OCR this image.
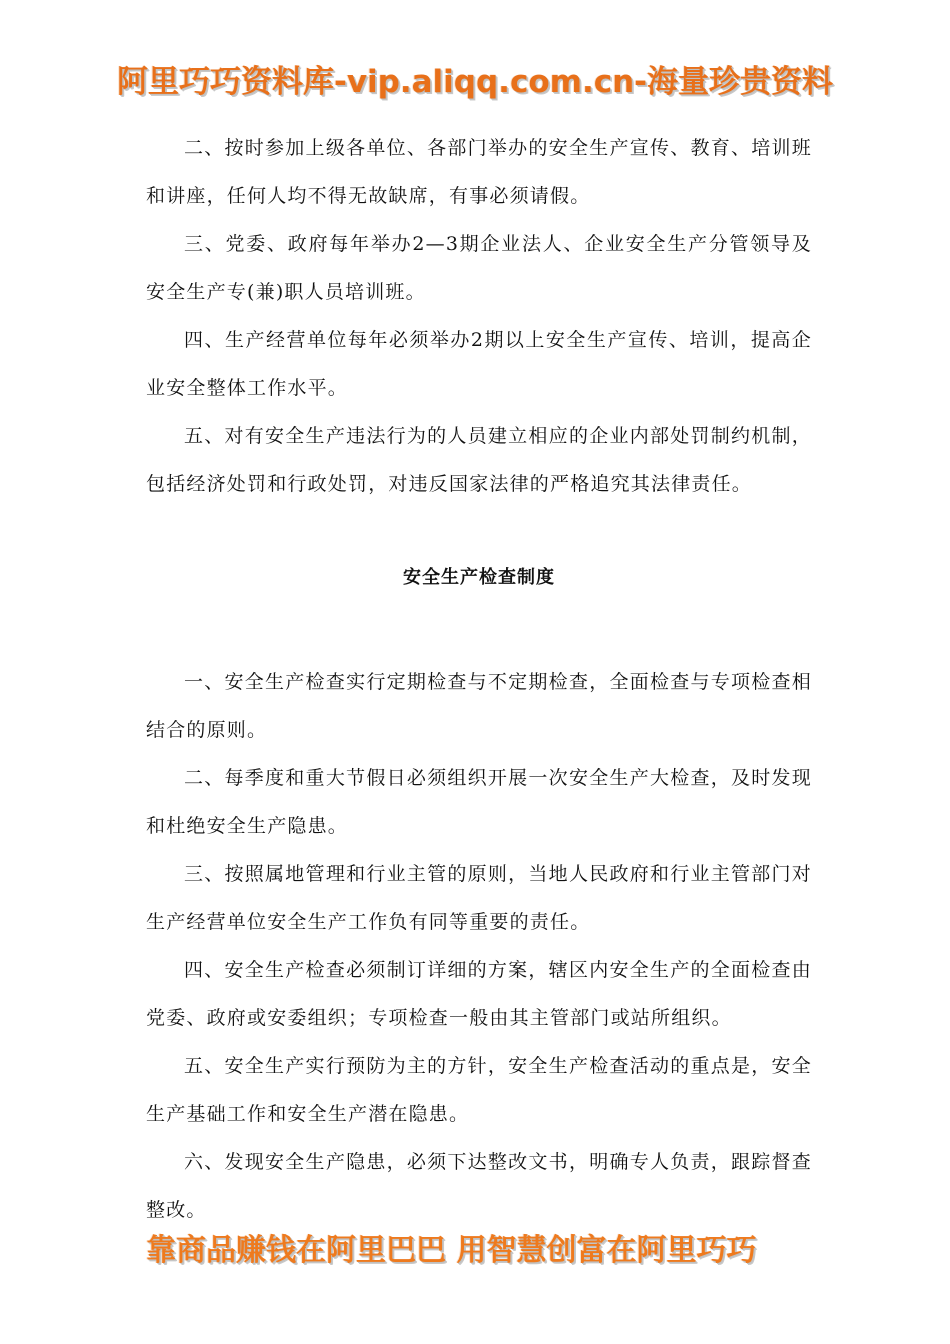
阿里巧巧资料库-vip.aliqq.com.cn-海量珍贵资料

二、按时参加上级各单位、各部门举办的安全生产宣传、教育、培训班和讲座，任何人均不得无故缺席，有事必须请假。

三、党委、政府每年举办2—3期企业法人、企业安全生产分管领导及安全生产专(兼)职人员培训班。

四、生产经营单位每年必须举办2期以上安全生产宣传、培训，提高企业安全整体工作水平。

五、对有安全生产违法行为的人员建立相应的企业内部处罚制约机制，包括经济处罚和行政处罚，对违反国家法律的严格追究其法律责任。

安全生产检查制度

一、安全生产检查实行定期检查与不定期检查，全面检查与专项检查相结合的原则。

二、每季度和重大节假日必须组织开展一次安全生产大检查，及时发现和杜绝安全生产隐患。

三、按照属地管理和行业主管的原则，当地人民政府和行业主管部门对生产经营单位安全生产工作负有同等重要的责任。

四、安全生产检查必须制订详细的方案，辖区内安全生产的全面检查由党委、政府或安委组织；专项检查一般由其主管部门或站所组织。

五、安全生产实行预防为主的方针，安全生产检查活动的重点是，安全生产基础工作和安全生产潜在隐患。

六、发现安全生产隐患，必须下达整改文书，明确专人负责，跟踪督查整改。

靠商品赚钱在阿里巴巴 用智慧创富在阿里巧巧
